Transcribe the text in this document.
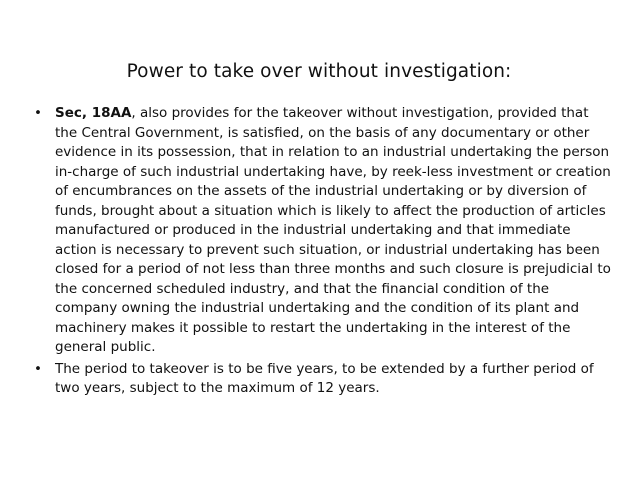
Power to take over without investigation:
• Sec, 18AA, also provides for the takeover without investigation, provided that the Central Government, is satisfied, on the basis of any documentary or other evidence in its possession, that in relation to an industrial undertaking the person in-charge of such industrial undertaking have, by reek-less investment or creation of encumbrances on the assets of the industrial undertaking or by diversion of funds, brought about a situation which is likely to affect the production of articles manufactured or produced in the industrial undertaking and that immediate action is necessary to prevent such situation, or industrial undertaking has been closed for a period of not less than three months and such closure is prejudicial to the concerned scheduled industry, and that the financial condition of the company owning the industrial undertaking and the condition of its plant and machinery makes it possible to restart the undertaking in the interest of the general public.
• The period to takeover is to be five years, to be extended by a further period of two years, subject to the maximum of 12 years.
